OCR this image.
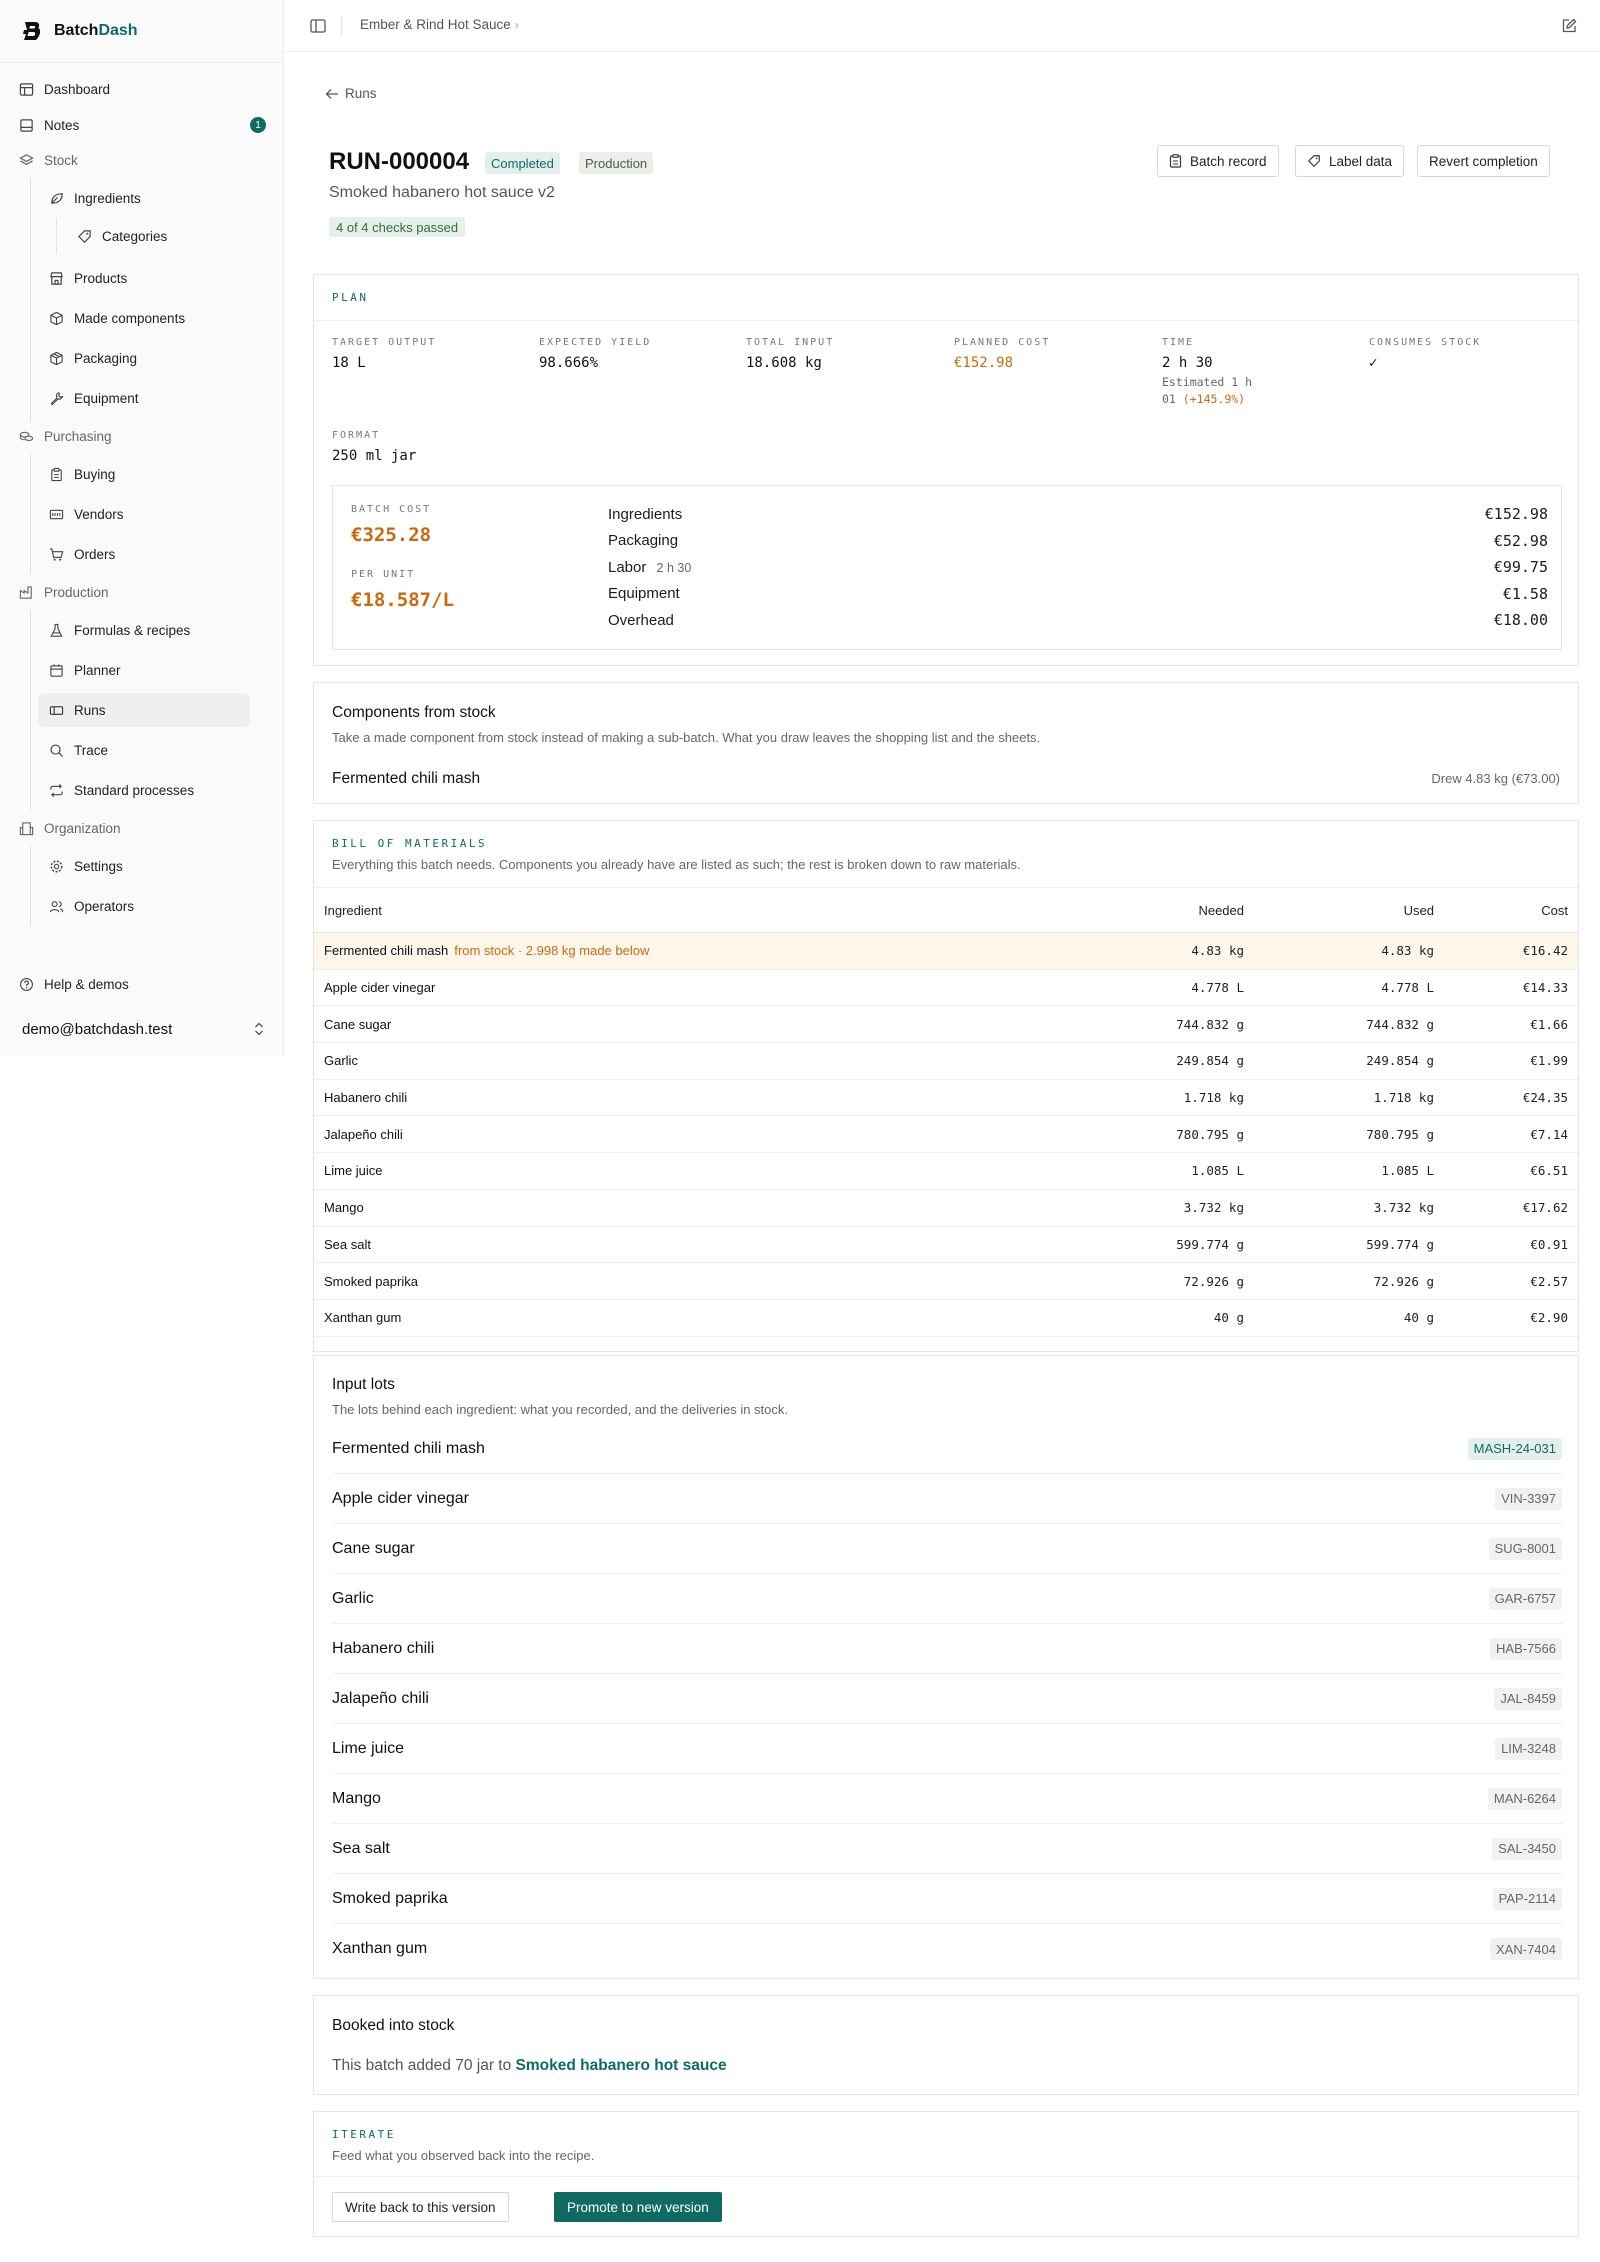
BatchDash
Dashboard
Notes	1
Stock
Ingredients
Categories
Products
Made components
Packaging
Equipment
Purchasing
Buying
Vendors
Orders
Production
Formulas & recipes
Planner
Runs
Trace
Standard processes
Organization
Settings
Operators
Help & demos
demo@batchdash.test
Ember & Rind Hot Sauce ›
Runs
RUN-000004	Completed	Production
Smoked habanero hot sauce v2
4 of 4 checks passed
Batch record	Label data	Revert completion
PLAN
TARGET OUTPUT
18 L
EXPECTED YIELD
98.666%
TOTAL INPUT
18.608 kg
PLANNED COST
€152.98
TIME
2 h 30
Estimated 1 h
01 (+145.9%)
CONSUMES STOCK
✓
FORMAT
250 ml jar
BATCH COST
€325.28
PER UNIT
€18.587/L
Ingredients	€152.98
Packaging	€52.98
Labor 2 h 30	€99.75
Equipment	€1.58
Overhead	€18.00
Components from stock
Take a made component from stock instead of making a sub-batch. What you draw leaves the shopping list and the sheets.
Fermented chili mash	Drew 4.83 kg (€73.00)
BILL OF MATERIALS
Everything this batch needs. Components you already have are listed as such; the rest is broken down to raw materials.
Ingredient	Needed	Used	Cost
Fermented chili mash from stock · 2.998 kg made below	4.83 kg	4.83 kg	€16.42
Apple cider vinegar	4.778 L	4.778 L	€14.33
Cane sugar	744.832 g	744.832 g	€1.66
Garlic	249.854 g	249.854 g	€1.99
Habanero chili	1.718 kg	1.718 kg	€24.35
Jalapeño chili	780.795 g	780.795 g	€7.14
Lime juice	1.085 L	1.085 L	€6.51
Mango	3.732 kg	3.732 kg	€17.62
Sea salt	599.774 g	599.774 g	€0.91
Smoked paprika	72.926 g	72.926 g	€2.57
Xanthan gum	40 g	40 g	€2.90
Input lots
The lots behind each ingredient: what you recorded, and the deliveries in stock.
Fermented chili mash	MASH-24-031
Apple cider vinegar	VIN-3397
Cane sugar	SUG-8001
Garlic	GAR-6757
Habanero chili	HAB-7566
Jalapeño chili	JAL-8459
Lime juice	LIM-3248
Mango	MAN-6264
Sea salt	SAL-3450
Smoked paprika	PAP-2114
Xanthan gum	XAN-7404
Booked into stock
This batch added 70 jar to Smoked habanero hot sauce
ITERATE
Feed what you observed back into the recipe.
Write back to this version	Promote to new version
